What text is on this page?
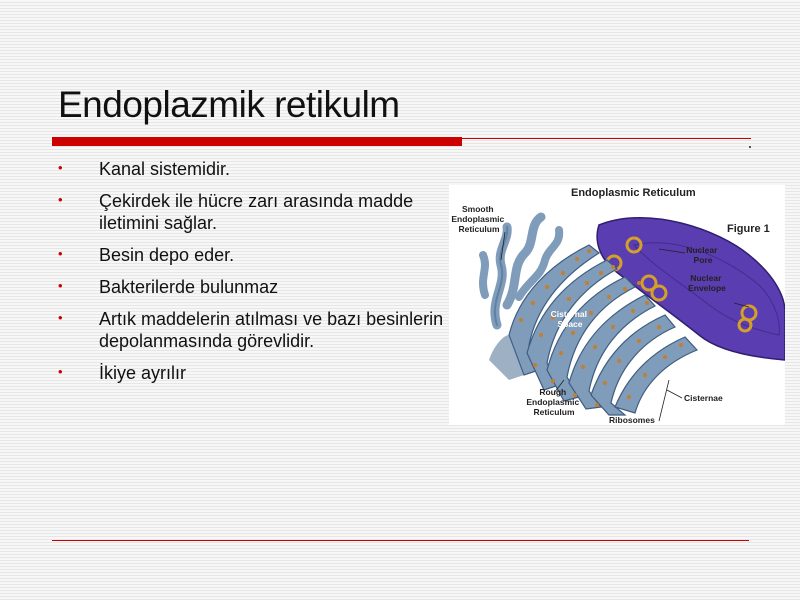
Endoplazmik retikulm
• Kanal sistemidir.
• Çekirdek ile hücre zarı arasında madde iletimini sağlar.
• Besin depo eder.
• Bakterilerde bulunmaz
• Artık maddelerin atılması ve bazı besinlerin depolanmasında görevlidir.
• İkiye ayrılır
Endoplasmic Reticulum
Figure 1
Smooth Endoplasmic Reticulum
Nuclear Pore
Nuclear Envelope
Cisternal Space
Rough Endoplasmic Reticulum
Cisternae
Ribosomes
